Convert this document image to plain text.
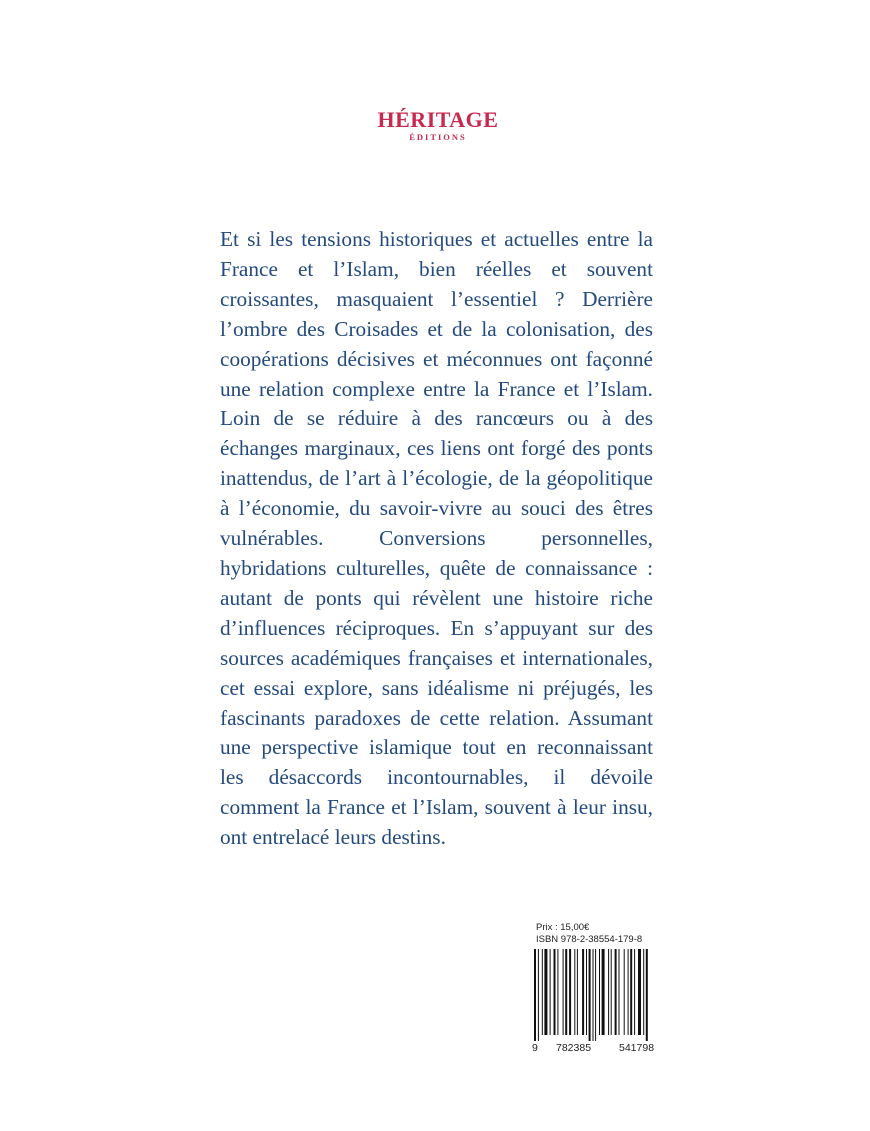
HÉRITAGE
ÉDITIONS

Et si les tensions historiques et actuelles entre la France et l’Islam, bien réelles et souvent croissantes, masquaient l’essentiel ? Derrière l’ombre des Croisades et de la colonisation, des coopérations décisives et méconnues ont façonné une relation complexe entre la France et l’Islam. Loin de se réduire à des rancœurs ou à des échanges marginaux, ces liens ont forgé des ponts inattendus, de l’art à l’écologie, de la géopolitique à l’économie, du savoir-vivre au souci des êtres vulnérables. Conversions personnelles, hybridations culturelles, quête de connaissance : autant de ponts qui révèlent une histoire riche d’influences réciproques. En s’appuyant sur des sources académiques françaises et internationales, cet essai explore, sans idéalisme ni préjugés, les fascinants paradoxes de cette relation. Assumant une perspective islamique tout en reconnaissant les désaccords incontournables, il dévoile comment la France et l’Islam, souvent à leur insu, ont entrelacé leurs destins.

Prix : 15,00€
ISBN 978-2-38554-179-8
9 782385	541798
